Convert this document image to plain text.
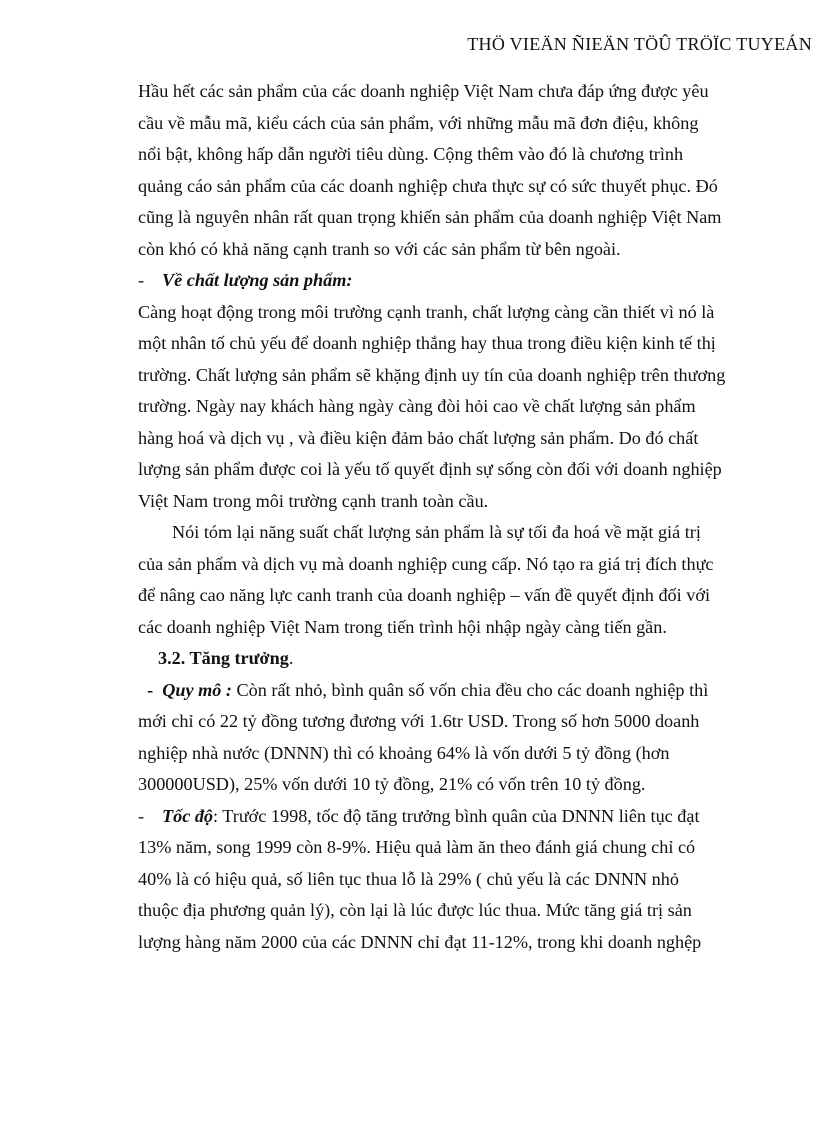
THÖ VIEÄN ÑIEÄN TÖÛ TRÖÏC TUYEÁN
Hầu hết các sản phẩm của các doanh nghiệp Việt Nam chưa đáp ứng được yêu
cầu về mẫu mã, kiểu cách của sản phẩm, với những mẫu mã đơn điệu, không
nổi bật, không hấp dẫn người tiêu dùng. Cộng thêm vào đó là chương trình
quảng cáo sản phẩm của các doanh nghiệp chưa thực sự có sức thuyết phục. Đó
cũng là nguyên nhân rất quan trọng khiến sản phẩm của doanh nghiệp Việt Nam
còn khó có khả năng cạnh tranh so với các sản phẩm từ bên ngoài.
- Về chất lượng sản phẩm:
Càng hoạt động trong môi trường cạnh tranh, chất lượng càng cần thiết vì nó là
một nhân tố chủ yếu để doanh nghiệp thắng hay thua trong điều kiện kinh tế thị
trường. Chất lượng sản phẩm sẽ khặng định uy tín của doanh nghiệp trên thương
trường. Ngày nay khách hàng ngày càng đòi hỏi cao về chất lượng sản phẩm
hàng hoá và dịch vụ , và điều kiện đảm bảo chất lượng sản phẩm. Do đó chất
lượng sản phẩm được coi là yếu tố quyết định sự sống còn đối với doanh nghiệp
Việt Nam trong môi trường cạnh tranh toàn cầu.
Nói tóm lại năng suất chất lượng sản phẩm là sự tối đa hoá về mặt giá trị
của sản phẩm và dịch vụ mà doanh nghiệp cung cấp. Nó tạo ra giá trị đích thực
để nâng cao năng lực canh tranh của doanh nghiệp – vấn đề quyết định đối với
các doanh nghiệp Việt Nam trong tiến trình hội nhập ngày càng tiến gần.
3.2. Tăng trưởng.
- Quy mô : Còn rất nhỏ, bình quân số vốn chia đều cho các doanh nghiệp thì
mới chỉ có 22 tỷ đồng tương đương với 1.6tr USD. Trong số hơn 5000 doanh
nghiệp nhà nước (DNNN) thì có khoảng 64% là vốn dưới 5 tỷ đồng (hơn
300000USD), 25% vốn dưới 10 tỷ đồng, 21% có vốn trên 10 tỷ đồng.
- Tốc độ: Trước 1998, tốc độ tăng trưởng bình quân của DNNN liên tục đạt
13% năm, song 1999 còn 8-9%. Hiệu quả làm ăn theo đánh giá chung chỉ có
40% là có hiệu quả, số liên tục thua lỗ là 29% ( chủ yếu là các DNNN nhỏ
thuộc địa phương quản lý), còn lại là lúc được lúc thua. Mức tăng giá trị sản
lượng hàng năm 2000 của các DNNN chỉ đạt 11-12%, trong khi doanh nghệp
